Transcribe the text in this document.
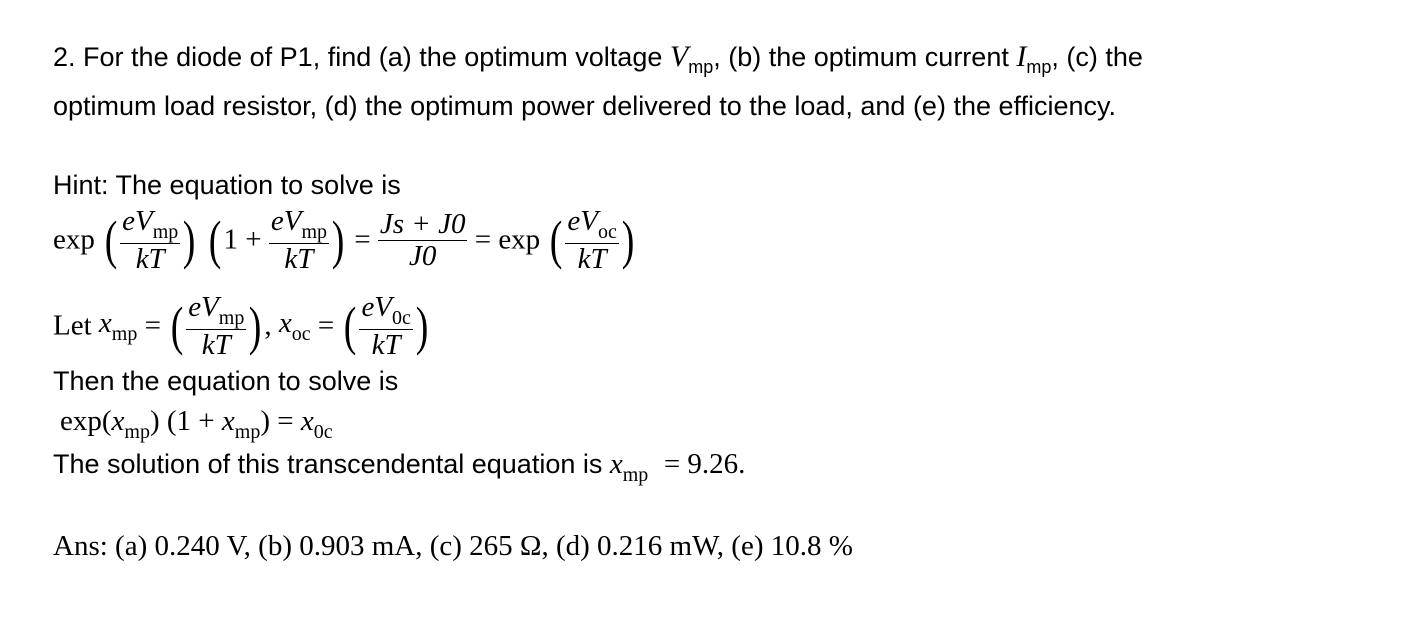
2. For the diode of P1, find (a) the optimum voltage $V_{mp}$, (b) the optimum current $I_{mp}$, (c) the
optimum load resistor, (d) the optimum power delivered to the load, and (e) the efficiency.
Hint: The equation to solve is
exp ( $\frac{eV_{mp}}{kT}$ ) ($1 + \frac{eV_{mp}}{kT}$ ) = $\frac{Js + J0}{J0} = \exp$ ( $\frac{eV_{oc}}{kT}$ )
Let $x_{mp}$ = ( $\frac{eV_{mp}}{kT}$ ), $x_{oc}$ = ( $\frac{eV_{0c}}{kT}$ )
Then the equation to solve is
$\exp(x_{mp}) (1 + x_{mp}) = x_{0c}$
The solution of this transcendental equation is $x_{mp} = 9.26$.
Ans: (a) 0.240 V, (b) 0.903 mA, (c) 265 Ω, (d) 0.216 mW, (e) 10.8 %
